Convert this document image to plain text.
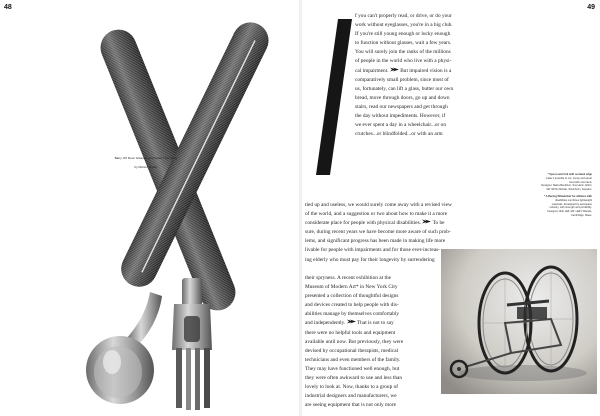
48	49
Baby Off Dear Glasses and Read This Story
by Morton Shafer
I

f you can't properly read, or drive, or do your

work without eyeglasses, you're in a big club.

If you're still young enough or lucky enough

to function without glasses, wait a few years.

You will surely join the ranks of the millions

of people in the world who live with a physi-

cal impairment.  But impaired vision is a

comparatively small problem, since most of

us, fortunately, can lift a glass, butter our own

bread, move through doors, go up and down

stairs, read our newspapers and get through

the day without impediments. However, if

we ever spent a day in a wheelchair...or on

crutches...or blindfolded...or with an arm

tied up and useless, we would surely come away with a revised view

of the world, and a suggestion or two about how to make it a more

considerate place for people with physical disabilities.  To be

sure, during recent years we have become more aware of such prob-

lems, and significant progress has been made in making life more

livable for people with impairments and for those ever-increas-

ing elderly who must pay for their longevity by surrendering

their spryness. A recent exhibition at the

Museum of Modern Art* in New York City

presented a collection of thoughtful designs

and devices created to help people with dis-

abilities manage by themselves comfortably

and independently.  That is not to say

there were no helpful tools and equipment

available until now. But previously, they were

devised by occupational therapists, medical

technicians and even members of the family.

They may have functioned well enough, but

they were often awkward to use and less than

lovely to look at. Now, thanks to a group of

industrial designers and manufacturers, we

are seeing equipment that is not only more

* Spoon and fork with serrated edge
make it possible to cut, scoop and spear
food with one hand.
Designer: Maria Benktzon, Sven-Eric Juhlin;
Mfr. RFSU Rehab, Stockholm, Sweden.

* A Racing Wheelchair for athletes with
disabilities combines lightweight
materials, developed by aerospace
industry, with strength and portability.
Designer: Bob Hall; Mfr. Hall's Wheels,
Cambridge, Mass.
